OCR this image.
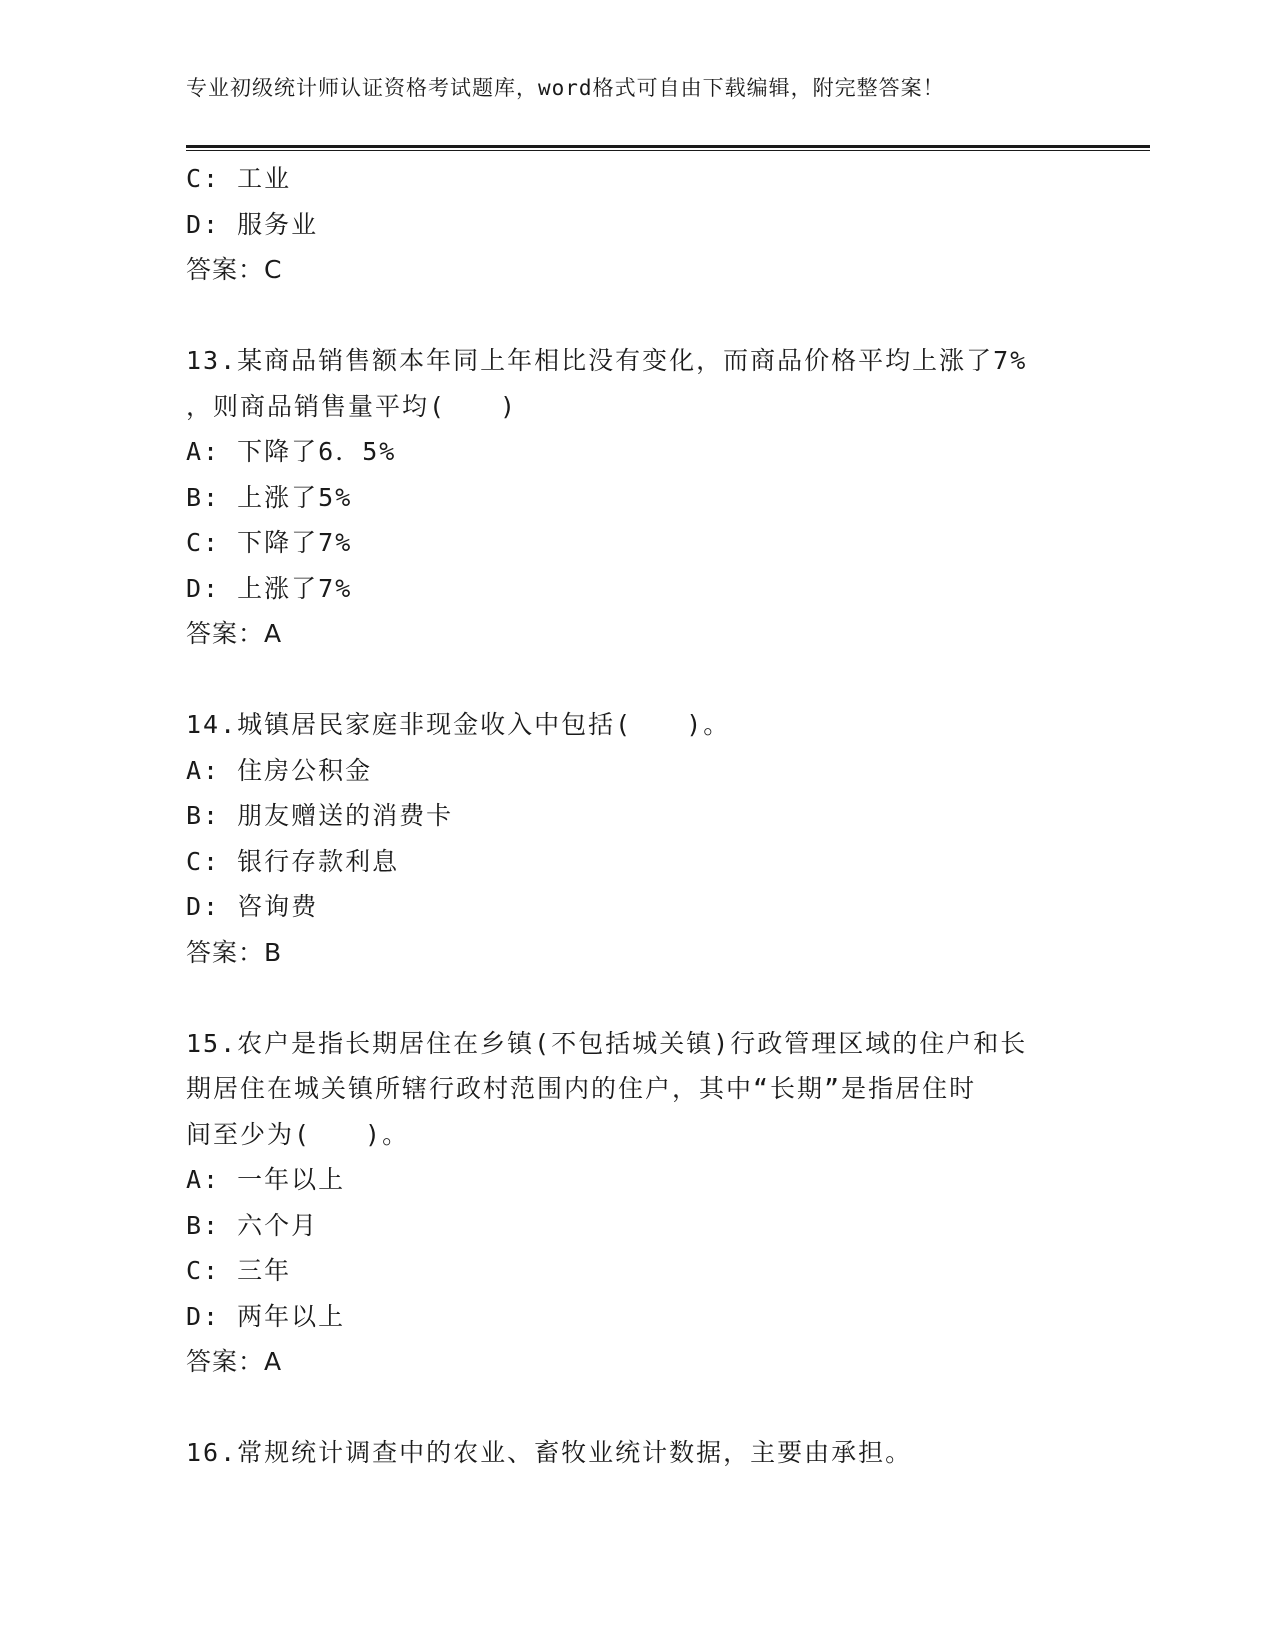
专业初级统计师认证资格考试题库，word格式可自由下载编辑，附完整答案！
C: 工业
D: 服务业
答案：C
13.某商品销售额本年同上年相比没有变化，而商品价格平均上涨了7%
，则商品销售量平均(　　)
A: 下降了6．5%
B: 上涨了5%
C: 下降了7%
D: 上涨了7%
答案：A
14.城镇居民家庭非现金收入中包括(　　)。
A: 住房公积金
B: 朋友赠送的消费卡
C: 银行存款利息
D: 咨询费
答案：B
15.农户是指长期居住在乡镇(不包括城关镇)行政管理区域的住户和长
期居住在城关镇所辖行政村范围内的住户，其中“长期”是指居住时
间至少为(　　)。
A: 一年以上
B: 六个月
C: 三年
D: 两年以上
答案：A
16.常规统计调查中的农业、畜牧业统计数据，主要由承担。
